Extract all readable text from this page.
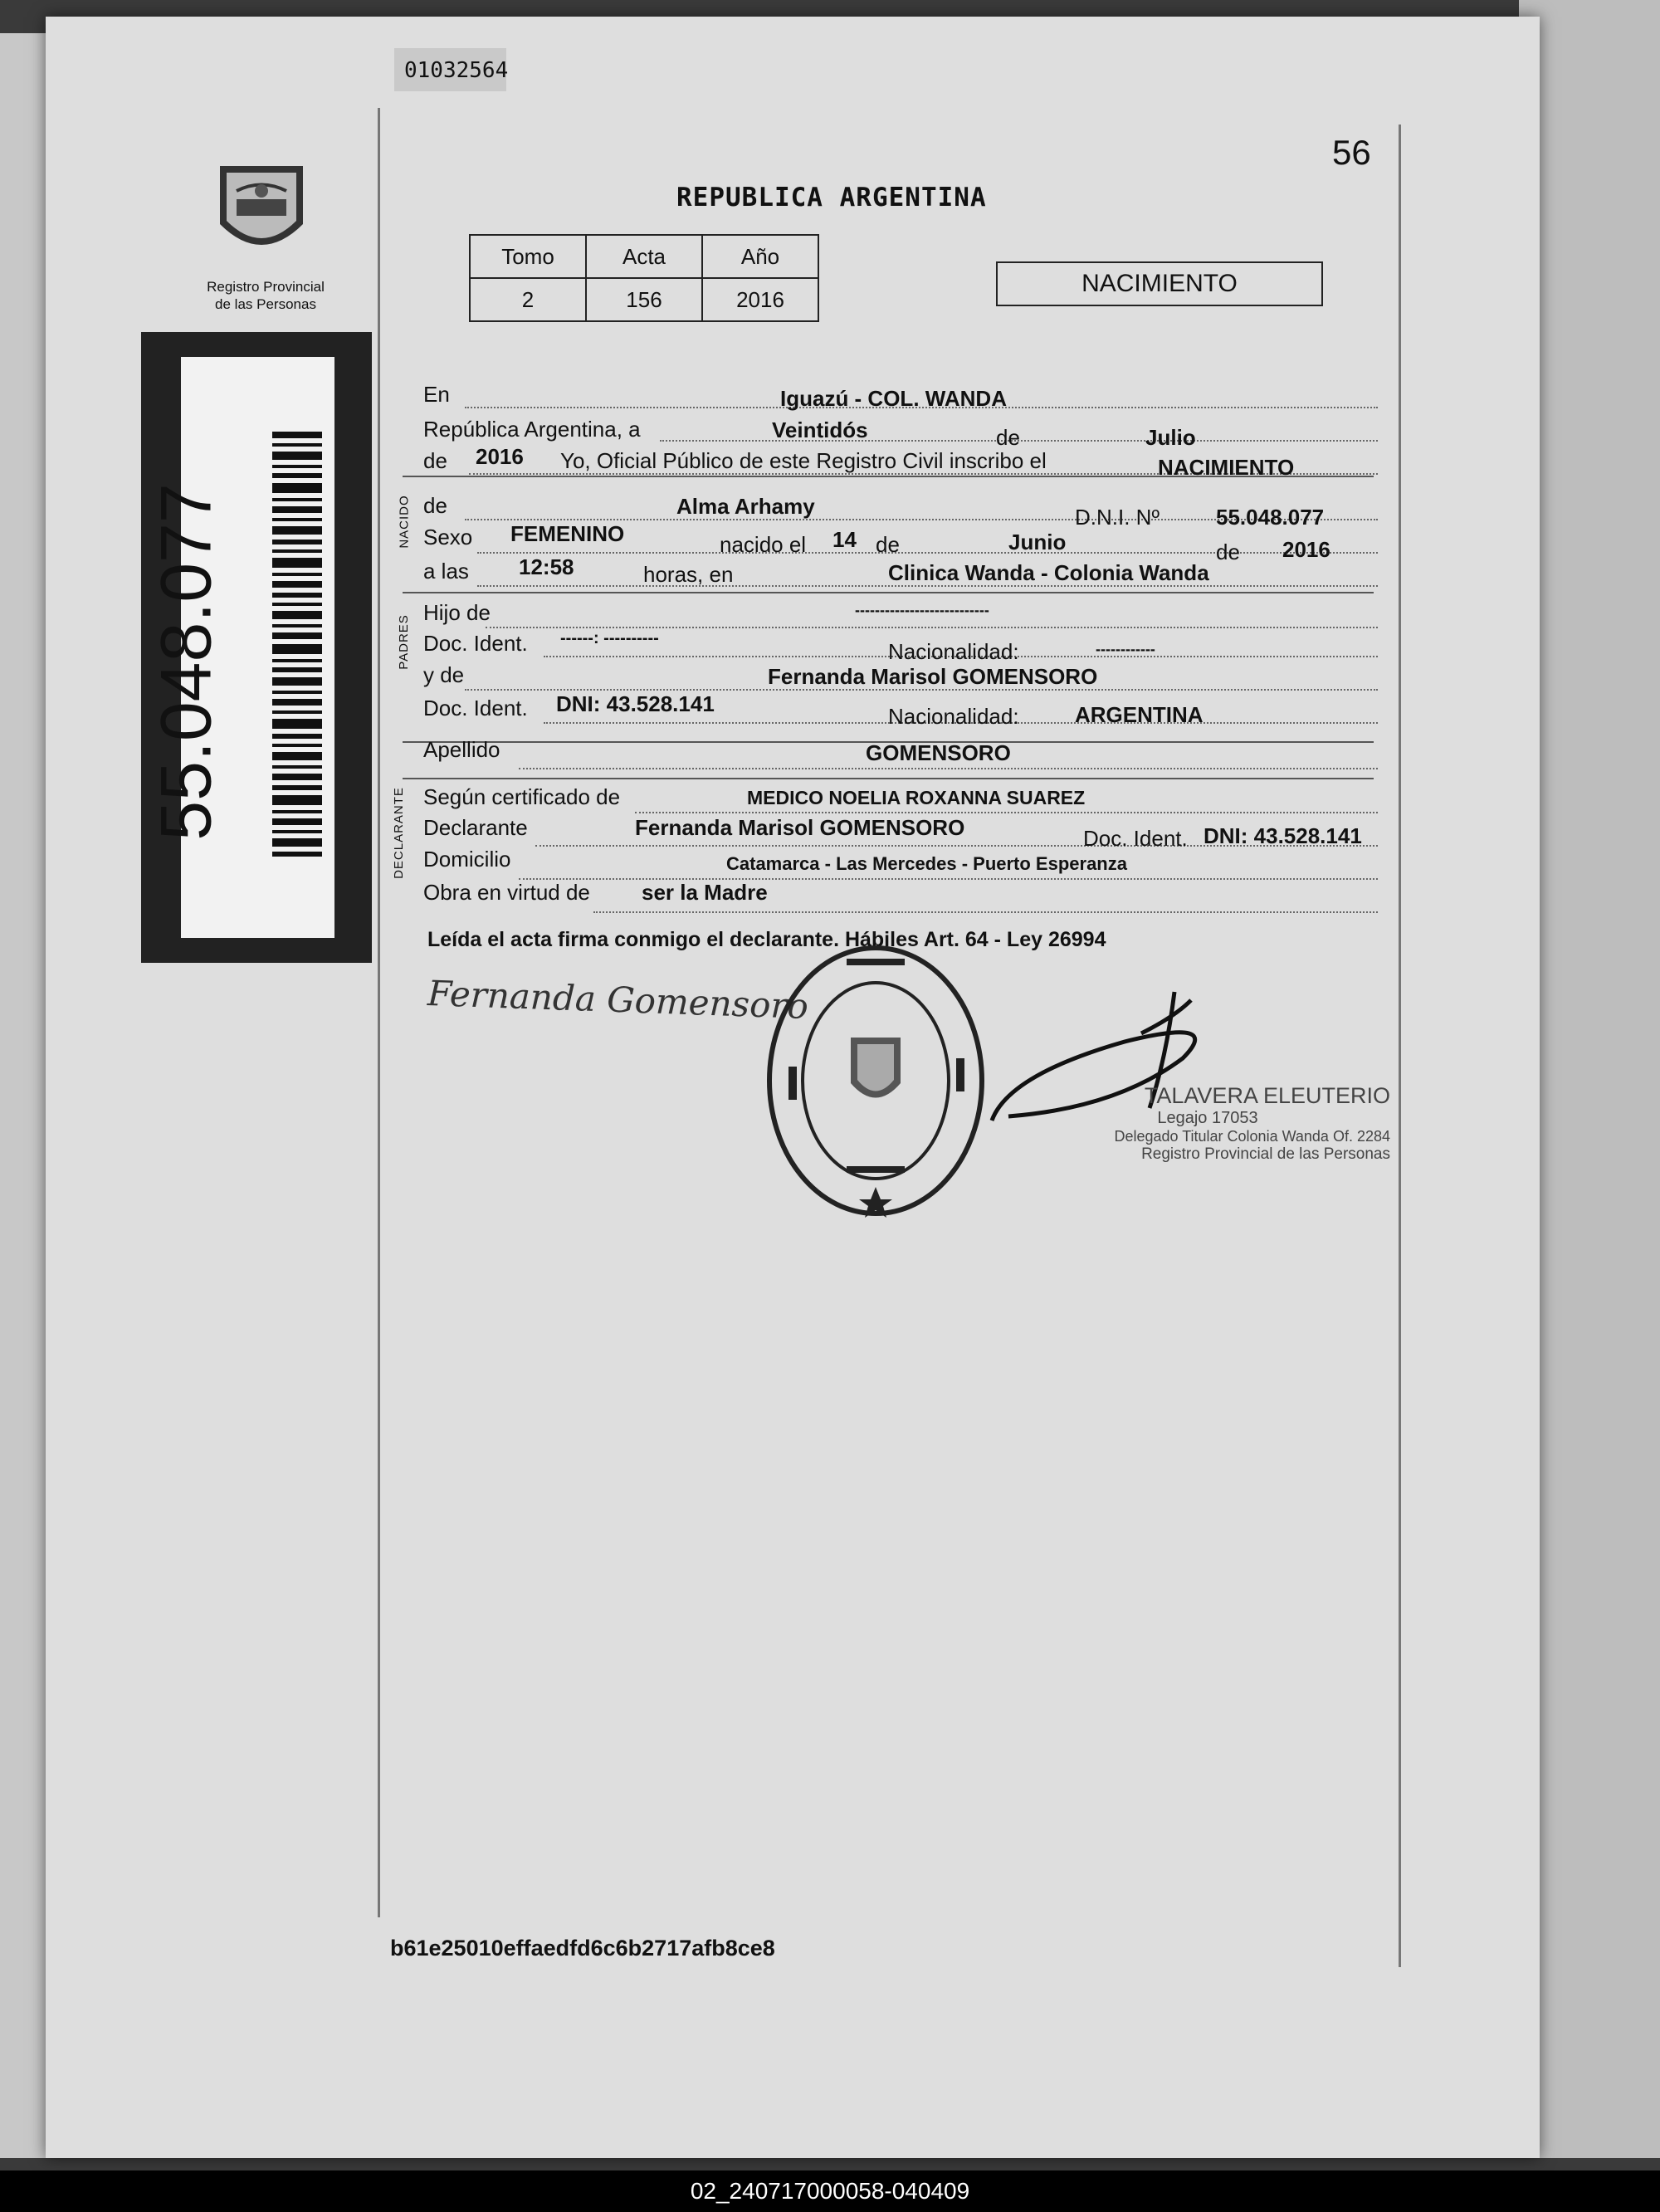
01032564
56
Registro Provincial
de las Personas
55.048.077
REPUBLICA ARGENTINA
Tomo	Acta	Año
2	156	2016
NACIMIENTO
NACIDO
PADRES
DECLARANTE
En	Iguazú - COL. WANDA
República Argentina, a	Veintidós	de	Julio
de 2016 Yo, Oficial Público de este Registro Civil inscribo el	NACIMIENTO
de	Alma Arhamy	D.N.I. Nº	55.048.077
Sexo FEMENINO	nacido el 14 de	Junio	de 2016
a las 12:58	horas, en	Clinica Wanda - Colonia Wanda
Hijo de	---------------------------
Doc. Ident. ------: ----------
Nacionalidad:	------------
y de	Fernanda Marisol GOMENSORO
Doc. Ident. DNI: 43.528.141	Nacionalidad:	ARGENTINA
Apellido	GOMENSORO
Según certificado de	MEDICO NOELIA ROXANNA SUAREZ
Declarante	Fernanda Marisol GOMENSORO	Doc. Ident. DNI: 43.528.141
Domicilio	Catamarca - Las Mercedes - Puerto Esperanza
Obra en virtud de ser la Madre
Leída el acta firma conmigo el declarante. Hábiles Art. 64 - Ley 26994
Fernanda Gomensoro
TALAVERA ELEUTERIO
Legajo 17053
Delegado Titular Colonia Wanda Of. 2284
Registro Provincial de las Personas
b61e25010effaedfd6c6b2717afb8ce8
02_240717000058-040409
